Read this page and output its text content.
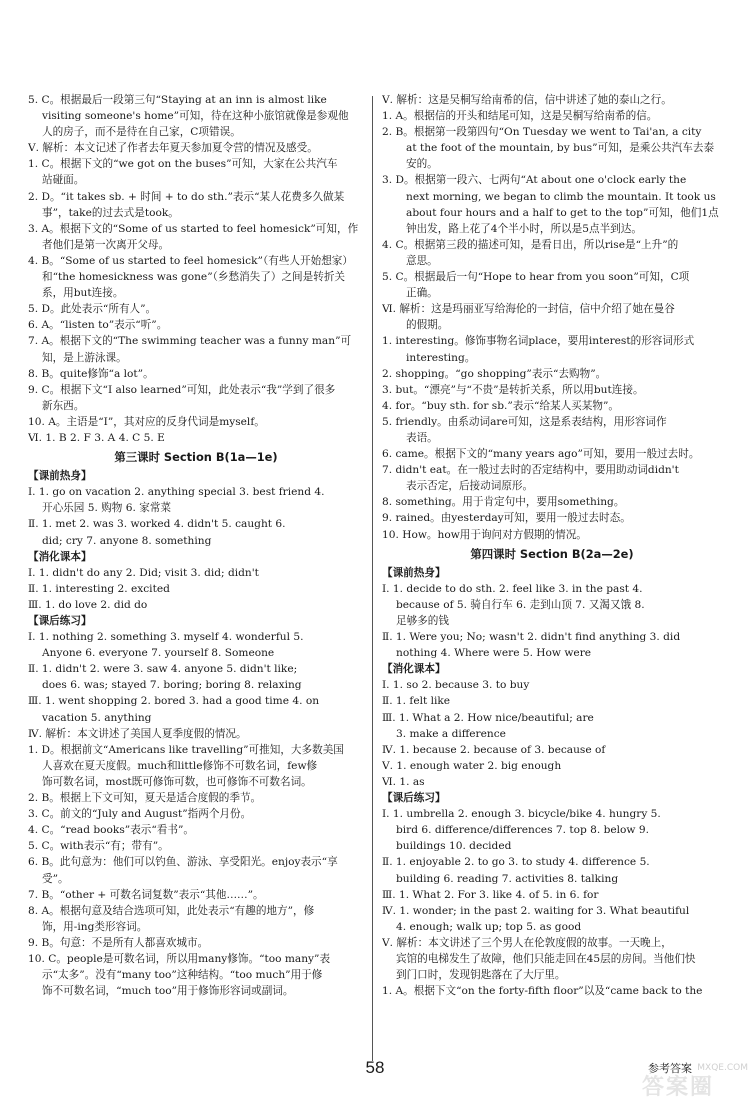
5. C。根据最后一段第三句“Staying at an inn is almost like
visiting someone's home”可知，待在这种小旅馆就像是参观他
人的房子，而不是待在自己家，C项错误。
Ⅴ. 解析：本文记述了作者去年夏天参加夏令营的情况及感受。
1. C。根据下文的“we got on the buses”可知，大家在公共汽车
站碰面。
2. D。“it takes sb. + 时间 + to do sth.”表示“某人花费多久做某
事”，take的过去式是took。
3. A。根据下文的“Some of us started to feel homesick”可知，作
者他们是第一次离开父母。
4. B。“Some of us started to feel homesick”（有些人开始想家）
和“the homesickness was gone”（乡愁消失了）之间是转折关
系，用but连接。
5. D。此处表示“所有人”。
6. A。“listen to”表示“听”。
7. A。根据下文的“The swimming teacher was a funny man”可
知，是上游泳课。
8. B。quite修饰“a lot”。
9. C。根据下文“I also learned”可知，此处表示“我”学到了很多
新东西。
10. A。主语是“I”，其对应的反身代词是myself。
Ⅵ. 1. B 2. F 3. A 4. C 5. E
第三课时 Section B(1a—1e)
【课前热身】
Ⅰ. 1. go on vacation 2. anything special 3. best friend 4.
开心乐园 5. 购物 6. 家常菜
Ⅱ. 1. met 2. was 3. worked 4. didn't 5. caught 6.
did; cry 7. anyone 8. something
【消化课本】
Ⅰ. 1. didn't do any 2. Did; visit 3. did; didn't
Ⅱ. 1. interesting 2. excited
Ⅲ. 1. do love 2. did do
【课后练习】
Ⅰ. 1. nothing 2. something 3. myself 4. wonderful 5.
Anyone 6. everyone 7. yourself 8. Someone
Ⅱ. 1. didn't 2. were 3. saw 4. anyone 5. didn't like;
does 6. was; stayed 7. boring; boring 8. relaxing
Ⅲ. 1. went shopping 2. bored 3. had a good time 4. on
vacation 5. anything
Ⅳ. 解析：本文讲述了美国人夏季度假的情况。
1. D。根据前文“Americans like travelling”可推知，大多数美国
人喜欢在夏天度假。much和little修饰不可数名词，few修
饰可数名词，most既可修饰可数，也可修饰不可数名词。
2. B。根据上下文可知，夏天是适合度假的季节。
3. C。前文的“July and August”指两个月份。
4. C。“read books”表示“看书”。
5. C。with表示“有；带有”。
6. B。此句意为：他们可以钓鱼、游泳、享受阳光。enjoy表示“享
受”。
7. B。“other + 可数名词复数”表示“其他……”。
8. A。根据句意及结合选项可知，此处表示“有趣的地方”，修
饰，用-ing类形容词。
9. B。句意：不是所有人都喜欢城市。
10. C。people是可数名词，所以用many修饰。“too many”表
示“太多”。没有“many too”这种结构。“too much”用于修
饰不可数名词，“much too”用于修饰形容词或副词。
Ⅴ. 解析：这是吴桐写给南希的信，信中讲述了她的泰山之行。
1. A。根据信的开头和结尾可知，这是吴桐写给南希的信。
2. B。根据第一段第四句“On Tuesday we went to Tai'an, a city
at the foot of the mountain, by bus”可知，是乘公共汽车去泰
安的。
3. D。根据第一段六、七两句“At about one o'clock early the
next morning, we began to climb the mountain. It took us
about four hours and a half to get to the top”可知，他们1点
钟出发，路上花了4个半小时，所以是5点半到达。
4. C。根据第三段的描述可知，是看日出，所以rise是“上升”的
意思。
5. C。根据最后一句“Hope to hear from you soon”可知，C项
正确。
Ⅵ. 解析：这是玛丽亚写给海伦的一封信，信中介绍了她在曼谷
的假期。
1. interesting。修饰事物名词place，要用interest的形容词形式
interesting。
2. shopping。“go shopping”表示“去购物”。
3. but。“漂亮”与“不贵”是转折关系，所以用but连接。
4. for。“buy sth. for sb.”表示“给某人买某物”。
5. friendly。由系动词are可知，这是系表结构，用形容词作
表语。
6. came。根据下文的“many years ago”可知，要用一般过去时。
7. didn't eat。在一般过去时的否定结构中，要用助动词didn't
表示否定，后接动词原形。
8. something。用于肯定句中，要用something。
9. rained。由yesterday可知，要用一般过去时态。
10. How。how用于询问对方假期的情况。
第四课时 Section B(2a—2e)
【课前热身】
Ⅰ. 1. decide to do sth. 2. feel like 3. in the past 4.
because of 5. 骑自行车 6. 走到山顶 7. 又渴又饿 8.
足够多的钱
Ⅱ. 1. Were you; No; wasn't 2. didn't find anything 3. did
nothing 4. Where were 5. How were
【消化课本】
Ⅰ. 1. so 2. because 3. to buy
Ⅱ. 1. felt like
Ⅲ. 1. What a 2. How nice/beautiful; are
3. make a difference
Ⅳ. 1. because 2. because of 3. because of
Ⅴ. 1. enough water 2. big enough
Ⅵ. 1. as
【课后练习】
Ⅰ. 1. umbrella 2. enough 3. bicycle/bike 4. hungry 5.
bird 6. difference/differences 7. top 8. below 9.
buildings 10. decided
Ⅱ. 1. enjoyable 2. to go 3. to study 4. difference 5.
building 6. reading 7. activities 8. talking
Ⅲ. 1. What 2. For 3. like 4. of 5. in 6. for
Ⅳ. 1. wonder; in the past 2. waiting for 3. What beautiful
4. enough; walk up; top 5. as good
Ⅴ. 解析：本文讲述了三个男人在伦敦度假的故事。一天晚上，
宾馆的电梯发生了故障，他们只能走回在45层的房间。当他们快
到门口时，发现钥匙落在了大厅里。
1. A。根据下文“on the forty-fifth floor”以及“came back to the
58
答案圈
MXQE.COM
参考答案
